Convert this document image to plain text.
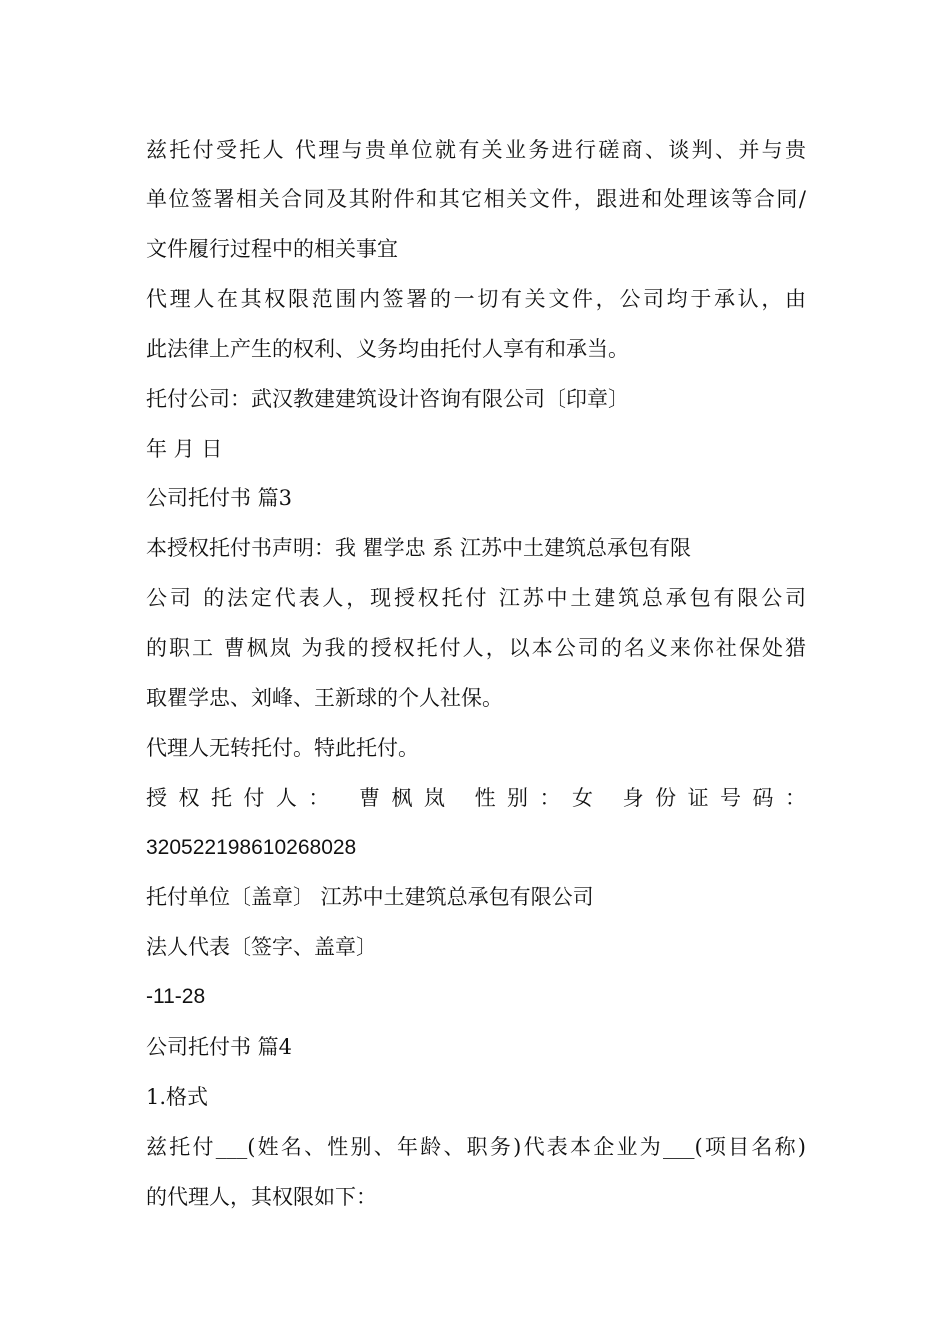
兹托付受托人 代理与贵单位就有关业务进行磋商、谈判、并与贵
单位签署相关合同及其附件和其它相关文件，跟进和处理该等合同/
文件履行过程中的相关事宜
代理人在其权限范围内签署的一切有关文件，公司均于承认，由
此法律上产生的权利、义务均由托付人享有和承当。
托付公司：武汉教建建筑设计咨询有限公司〔印章〕
年 月 日
公司托付书 篇3
本授权托付书声明：我 瞿学忠 系 江苏中土建筑总承包有限
公司 的法定代表人，现授权托付 江苏中土建筑总承包有限公司
的职工 曹枫岚 为我的授权托付人，以本公司的名义来你社保处猎
取瞿学忠、刘峰、王新球的个人社保。
代理人无转托付。特此托付。
授权托付人： 曹枫岚 性别：女 身份证号码：
320522198610268028
托付单位〔盖章〕 江苏中土建筑总承包有限公司
法人代表〔签字、盖章〕
-11-28
公司托付书 篇4
1.格式
兹托付___(姓名、性别、年龄、职务)代表本企业为___(项目名称)
的代理人，其权限如下：
